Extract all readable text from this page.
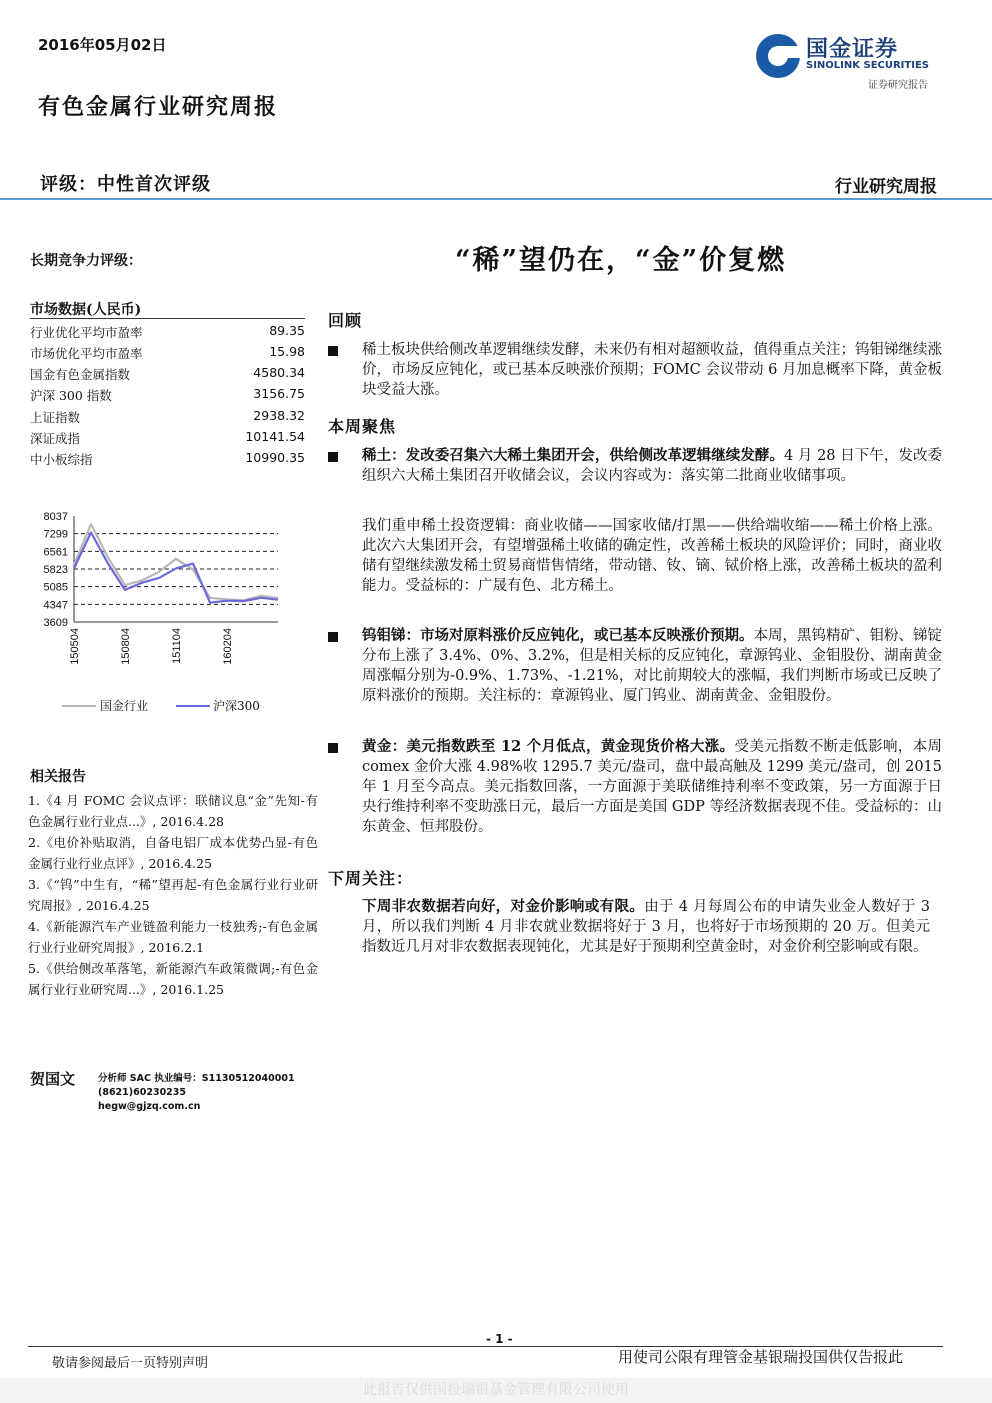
2016年05月02日	国金证券
SINOLINK SECURITIES
证券研究报告
有色金属行业研究周报
评级：中性首次评级	行业研究周报
长期竞争力评级：	“稀”望仍在，“金”价复燃
市场数据(人民币)
行业优化平均市盈率	89.35
市场优化平均市盈率	15.98
国金有色金属指数	4580.34
沪深 300 指数	3156.75
上证指数	2938.32
深证成指	10141.54
中小板综指	10990.35
8037
7299
6561
5823
5085
4347
3609
150504	150804	151104	160204
国金行业	沪深300
相关报告
1.《4 月 FOMC 会议点评：联储议息“金”先知-有色金属行业行业点...》, 2016.4.28
2.《电价补贴取消，自备电铝厂成本优势凸显-有色金属行业行业点评》, 2016.4.25
3.《“钨”中生有，“稀”望再起-有色金属行业行业研究周报》, 2016.4.25
4.《新能源汽车产业链盈利能力一枝独秀;-有色金属行业行业研究周报》, 2016.2.1
5.《供给侧改革落笔，新能源汽车政策微调;-有色金属行业行业研究周...》, 2016.1.25
贺国文 分析师 SAC 执业编号：S1130512040001
(8621)60230235
hegw@gjzq.com.cn
回顾
稀土板块供给侧改革逻辑继续发酵，未来仍有相对超额收益，值得重点关注；钨钼锑继续涨价，市场反应钝化，或已基本反映涨价预期；FOMC 会议带动 6 月加息概率下降，黄金板块受益大涨。
本周聚焦
稀土：发改委召集六大稀土集团开会，供给侧改革逻辑继续发酵。4 月 28 日下午，发改委组织六大稀土集团召开收储会议，会议内容或为：落实第二批商业收储事项。
我们重申稀土投资逻辑：商业收储——国家收储/打黑——供给端收缩——稀土价格上涨。此次六大集团开会，有望增强稀土收储的确定性，改善稀土板块的风险评价；同时，商业收储有望继续激发稀土贸易商惜售情绪，带动镨、钕、镝、铽价格上涨，改善稀土板块的盈利能力。受益标的：广晟有色、北方稀土。
钨钼锑：市场对原料涨价反应钝化，或已基本反映涨价预期。本周，黑钨精矿、钼粉、锑锭分布上涨了 3.4%、0%、3.2%，但是相关标的反应钝化，章源钨业、金钼股份、湖南黄金周涨幅分别为-0.9%、1.73%、-1.21%，对比前期较大的涨幅，我们判断市场或已反映了原料涨价的预期。关注标的：章源钨业、厦门钨业、湖南黄金、金钼股份。
黄金：美元指数跌至 12 个月低点，黄金现货价格大涨。受美元指数不断走低影响，本周 comex 金价大涨 4.98%收 1295.7 美元/盎司，盘中最高触及 1299 美元/盎司，创 2015 年 1 月至今高点。美元指数回落，一方面源于美联储维持利率不变政策，另一方面源于日央行维持利率不变助涨日元，最后一方面是美国 GDP 等经济数据表现不佳。受益标的：山东黄金、恒邦股份。
下周关注：
下周非农数据若向好，对金价影响或有限。由于 4 月每周公布的申请失业金人数好于 3 月，所以我们判断 4 月非农就业数据将好于 3 月，也将好于市场预期的 20 万。但美元指数近几月对非农数据表现钝化，尤其是好于预期利空黄金时，对金价利空影响或有限。
- 1 -
敬请参阅最后一页特别声明	用使司公限有理管金基银瑞投国供仅告报此
此报告仅供国投瑞银基金管理有限公司使用
